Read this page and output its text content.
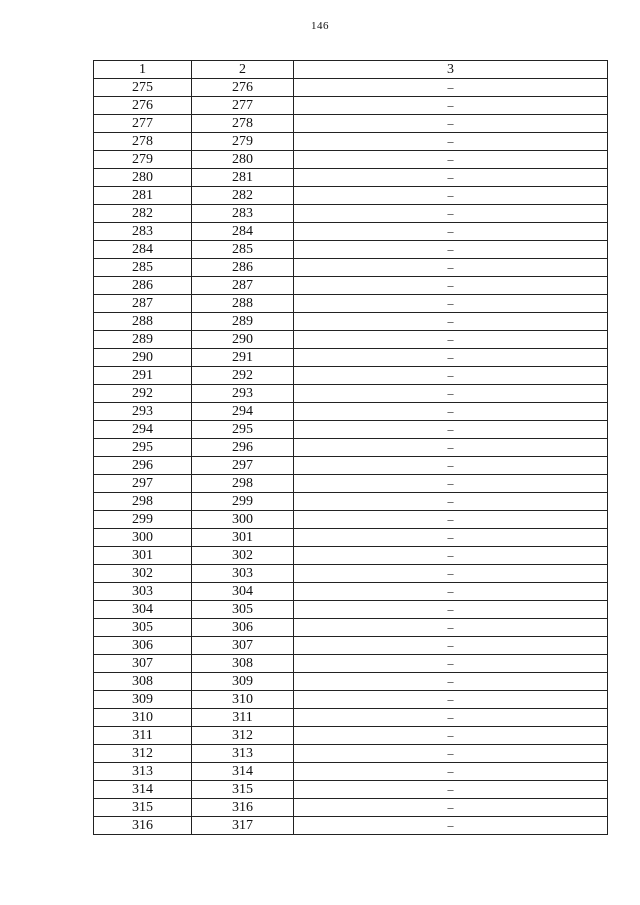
146
1	2	3
275	276	–
276	277	–
277	278	–
278	279	–
279	280	–
280	281	–
281	282	–
282	283	–
283	284	–
284	285	–
285	286	–
286	287	–
287	288	–
288	289	–
289	290	–
290	291	–
291	292	–
292	293	–
293	294	–
294	295	–
295	296	–
296	297	–
297	298	–
298	299	–
299	300	–
300	301	–
301	302	–
302	303	–
303	304	–
304	305	–
305	306	–
306	307	–
307	308	–
308	309	–
309	310	–
310	311	–
311	312	–
312	313	–
313	314	–
314	315	–
315	316	–
316	317	–
